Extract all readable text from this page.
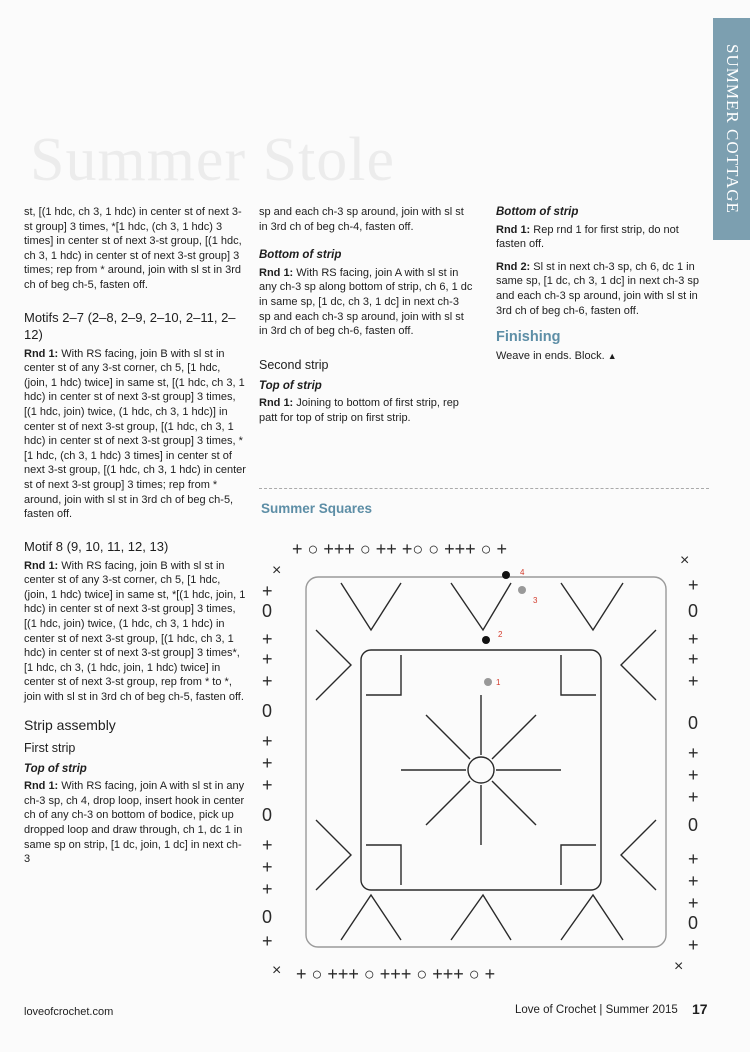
Summer Stole	SUMMER COTTAGE

st, [(1 hdc, ch 3, 1 hdc) in center st of next 3-st group] 3 times, *[1 hdc, (ch 3, 1 hdc) 3 times] in center st of next 3-st group, [(1 hdc, ch 3, 1 hdc) in center st of next 3-st group] 3 times; rep from * around, join with sl st in 3rd ch of beg ch-5, fasten off.

Motifs 2–7 (2–8, 2–9, 2–10, 2–11, 2–12)

Rnd 1: With RS facing, join B with sl st in center st of any 3-st corner, ch 5, [1 hdc, (join, 1 hdc) twice] in same st, [(1 hdc, ch 3, 1 hdc) in center st of next 3-st group] 3 times, [(1 hdc, join) twice, (1 hdc, ch 3, 1 hdc)] in center st of next 3-st group, [(1 hdc, ch 3, 1 hdc) in center st of next 3-st group] 3 times, *[1 hdc, (ch 3, 1 hdc) 3 times] in center st of next 3-st group, [(1 hdc, ch 3, 1 hdc) in center st of next 3-st group] 3 times; rep from * around, join with sl st in 3rd ch of beg ch-5, fasten off.

Motif 8 (9, 10, 11, 12, 13)

Rnd 1: With RS facing, join B with sl st in center st of any 3-st corner, ch 5, [1 hdc, (join, 1 hdc) twice] in same st, *[(1 hdc, join, 1 hdc) in center st of next 3-st group] 3 times, [(1 hdc, join) twice, (1 hdc, ch 3, 1 hdc) in center st of next 3-st group, [(1 hdc, ch 3, 1 hdc) in center st of next 3-st group] 3 times*, [1 hdc, ch 3, (1 hdc, join, 1 hdc) twice] in center st of next 3-st group, rep from * to *, join with sl st in 3rd ch of beg ch-5, fasten off.

Strip assembly
First strip
Top of strip

Rnd 1: With RS facing, join A with sl st in any ch-3 sp, ch 4, drop loop, insert hook in center ch of any ch-3 on bottom of bodice, pick up dropped loop and draw through, ch 1, dc 1 in same sp on strip, [1 dc, join, 1 dc] in next ch-3

sp and each ch-3 sp around, join with sl st in 3rd ch of beg ch-4, fasten off.

Bottom of strip

Rnd 1: With RS facing, join A with sl st in any ch-3 sp along bottom of strip, ch 6, 1 dc in same sp, [1 dc, ch 3, 1 dc] in next ch-3 sp and each ch-3 sp around, join with sl st in 3rd ch of beg ch-6, fasten off.

Second strip
Top of strip

Rnd 1: Joining to bottom of first strip, rep patt for top of strip on first strip.

Bottom of strip

Rnd 1: Rep rnd 1 for first strip, do not fasten off.

Rnd 2: Sl st in next ch-3 sp, ch 6, dc 1 in same sp, [1 dc, ch 3, 1 dc] in next ch-3 sp and each ch-3 sp around, join with sl st in 3rd ch of beg ch-6, fasten off.

Finishing

Weave in ends. Block. ▲

Summer Squares
+ ○ +++ ○ ++ +○ ○ +++ ○ +
+ ○ +++ ○ +++ ○ +++ ○ +
+
0
+
+
+
0
+
+
+
0
+
+
+
0
+
+
0
+
+
+
0
+
+
+
0
+
+
+
0
+
×
×
×	×
1
2
3
4
loveofcrochet.com	Love of Crochet | Summer 2015 17
